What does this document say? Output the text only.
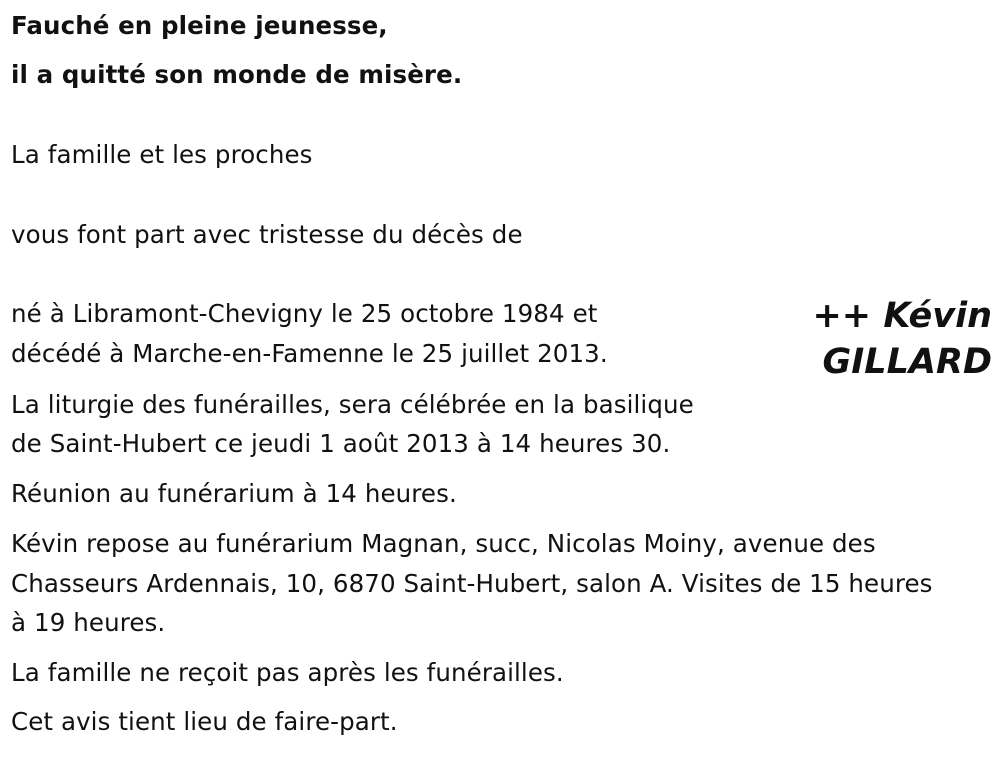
Fauché en pleine jeunesse,
il a quitté son monde de misère.
La famille et les proches
vous font part avec tristesse du décès de
++ Kévin
GILLARD
né à Libramont-Chevigny le 25 octobre 1984 et
décédé à Marche-en-Famenne le 25 juillet 2013.
La liturgie des funérailles, sera célébrée en la basilique
de Saint-Hubert ce jeudi 1 août 2013 à 14 heures 30.
Réunion au funérarium à 14 heures.
Kévin repose au funérarium Magnan, succ, Nicolas Moiny, avenue des
Chasseurs Ardennais, 10, 6870 Saint-Hubert, salon A. Visites de 15 heures
à 19 heures.
La famille ne reçoit pas après les funérailles.
Cet avis tient lieu de faire-part.
